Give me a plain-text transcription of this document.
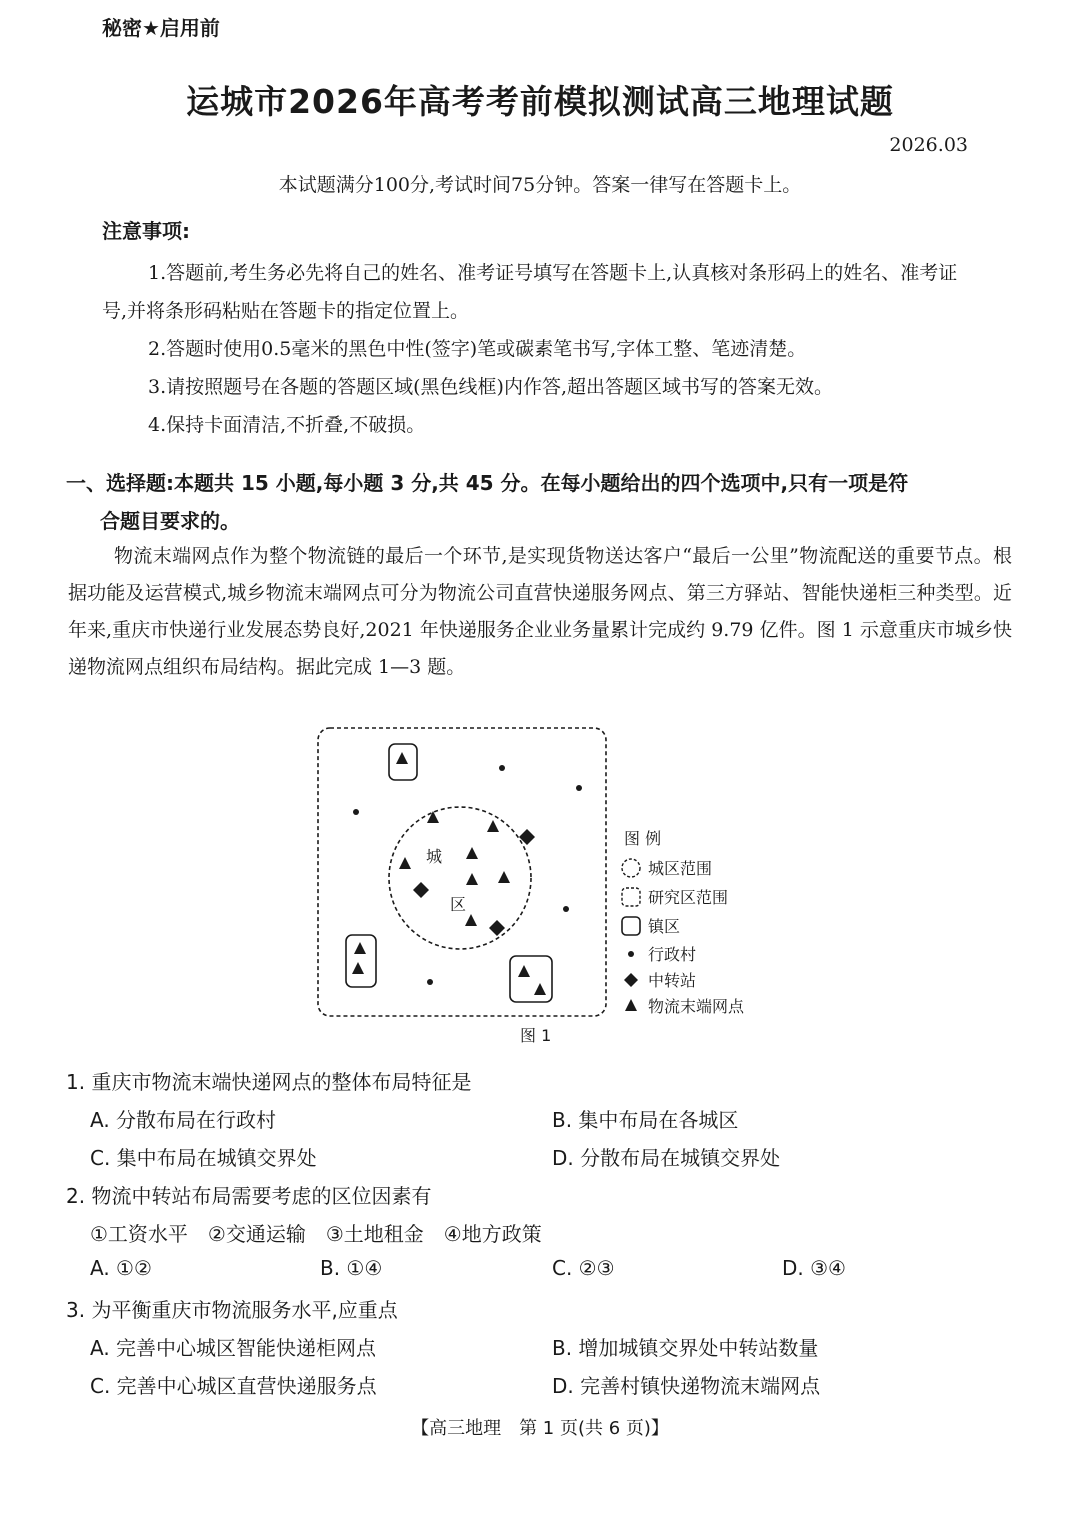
秘密★启用前
运城市2026年高考考前模拟测试高三地理试题
2026.03
本试题满分100分,考试时间75分钟。答案一律写在答题卡上。
注意事项:

1.答题前,考生务必先将自己的姓名、准考证号填写在答题卡上,认真核对条形码上的姓名、准考证号,并将条形码粘贴在答题卡的指定位置上。

2.答题时使用0.5毫米的黑色中性(签字)笔或碳素笔书写,字体工整、笔迹清楚。

3.请按照题号在各题的答题区域(黑色线框)内作答,超出答题区域书写的答案无效。

4.保持卡面清洁,不折叠,不破损。

一、选择题:本题共 15 小题,每小题 3 分,共 45 分。在每小题给出的四个选项中,只有一项是符
合题目要求的。

物流末端网点作为整个物流链的最后一个环节,是实现货物送达客户“最后一公里”物流配送的重要节点。根据功能及运营模式,城乡物流末端网点可分为物流公司直营快递服务网点、第三方驿站、智能快递柜三种类型。近年来,重庆市快递行业发展态势良好,2021 年快递服务企业业务量累计完成约 9.79 亿件。图 1 示意重庆市城乡快递物流网点组织布局结构。据此完成 1—3 题。

城
区
图 例
城区范围
研究区范围
镇区
行政村
中转站
物流末端网点
图 1
1. 重庆市物流末端快递网点的整体布局特征是
A. 分散布局在行政村	B. 集中布局在各城区
C. 集中布局在城镇交界处	D. 分散布局在城镇交界处
2. 物流中转站布局需要考虑的区位因素有
①工资水平　②交通运输　③土地租金　④地方政策
A. ①②	B. ①④	C. ②③	D. ③④
3. 为平衡重庆市物流服务水平,应重点
A. 完善中心城区智能快递柜网点	B. 增加城镇交界处中转站数量
C. 完善中心城区直营快递服务点	D. 完善村镇快递物流末端网点
【高三地理　第 1 页(共 6 页)】
